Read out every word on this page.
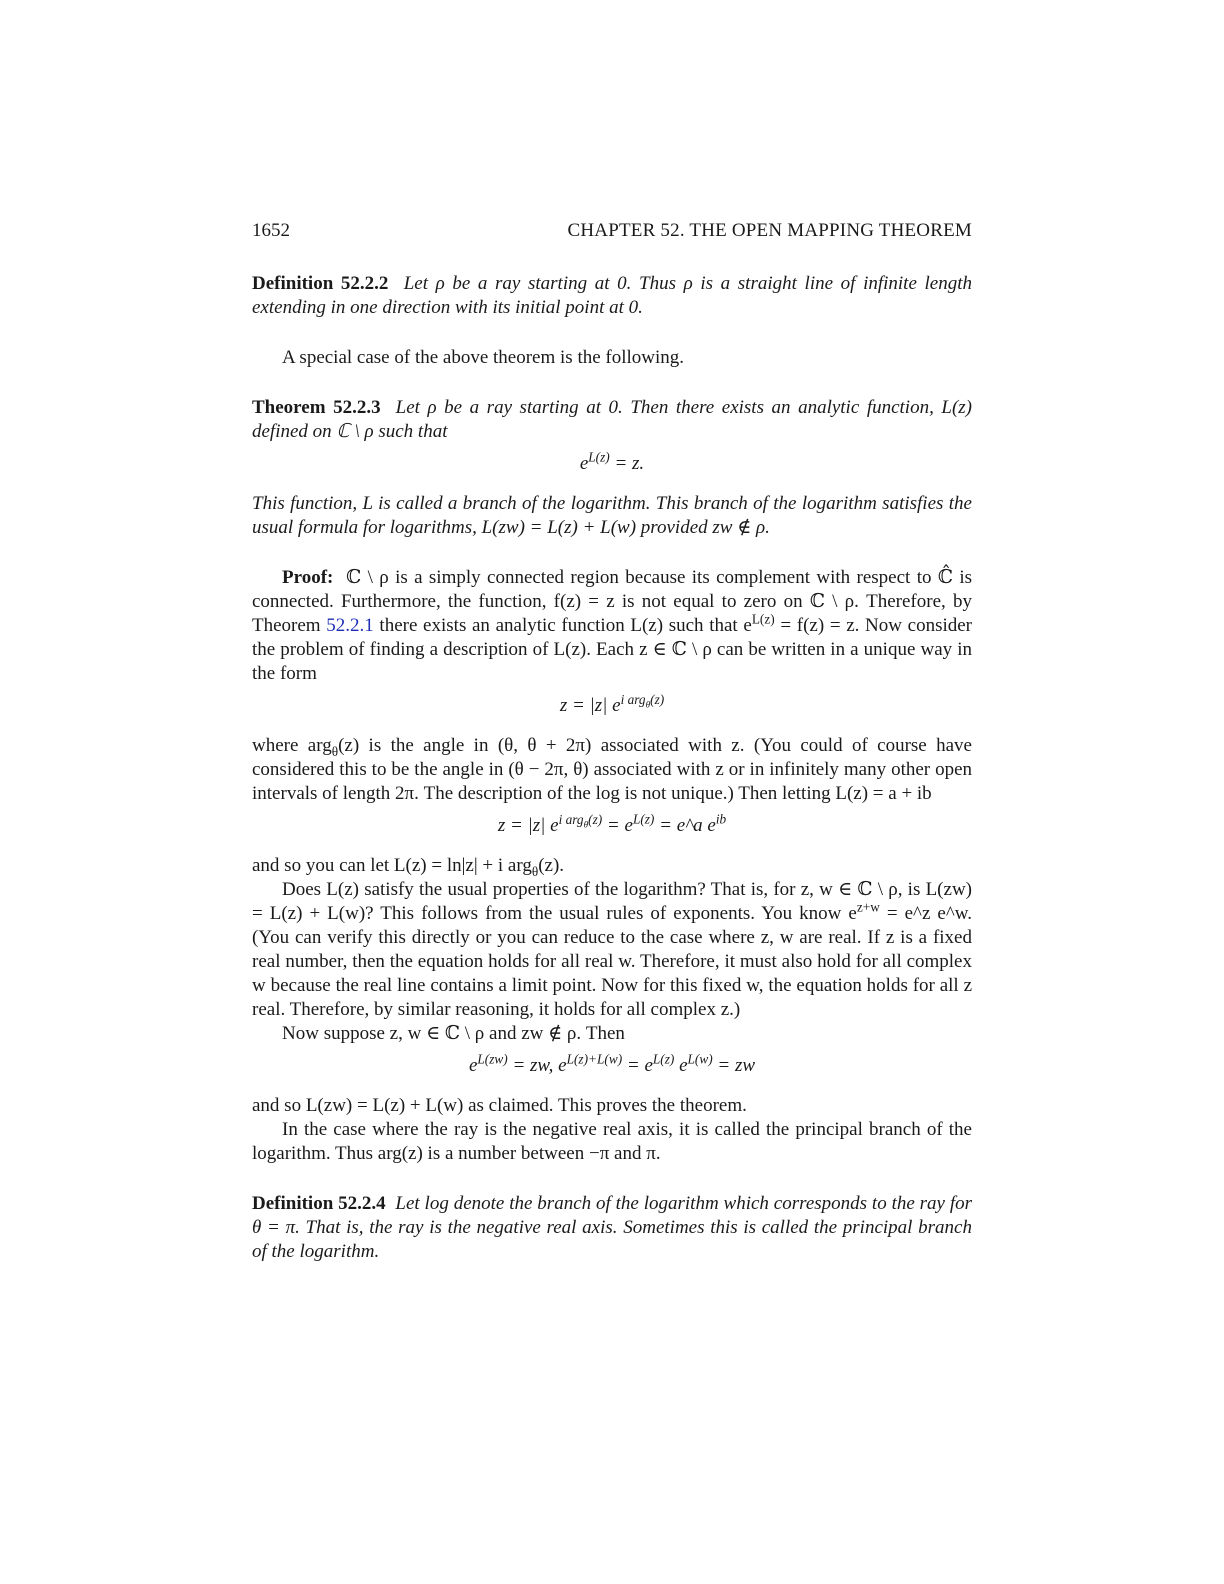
1652	CHAPTER 52. THE OPEN MAPPING THEOREM

Definition 52.2.2 Let ρ be a ray starting at 0. Thus ρ is a straight line of infinite length extending in one direction with its initial point at 0.

A special case of the above theorem is the following.

Theorem 52.2.3 Let ρ be a ray starting at 0. Then there exists an analytic function, L(z) defined on ℂ \ ρ such that

$e^{L(z)} = z$.

This function, L is called a branch of the logarithm. This branch of the logarithm satisfies the usual formula for logarithms, L(zw) = L(z) + L(w) provided zw ∉ ρ.

Proof: ℂ \ ρ is a simply connected region because its complement with respect to ℂ̂ is connected. Furthermore, the function, f(z) = z is not equal to zero on ℂ \ ρ. Therefore, by Theorem 52.2.1 there exists an analytic function L(z) such that $e^{L(z)} = f(z) = z$. Now consider the problem of finding a description of L(z). Each z ∈ ℂ \ ρ can be written in a unique way in the form

z = |z| $e^{i arg_\theta(z)}$

where arg$_\theta$(z) is the angle in (θ, θ + 2π) associated with z. (You could of course have considered this to be the angle in (θ − 2π, θ) associated with z or in infinitely many other open intervals of length 2π. The description of the log is not unique.) Then letting L(z) = a + ib

z = |z| $e^{i arg_\theta(z)} = e^{L(z)}$ = e^a $e^{ib}$

and so you can let L(z) = ln|z| + i arg$_\theta$(z).

Does L(z) satisfy the usual properties of the logarithm? That is, for z, w ∈ ℂ \ ρ, is L(zw) = L(z) + L(w)? This follows from the usual rules of exponents. You know $e^{z+w}$ = e^z e^w. (You can verify this directly or you can reduce to the case where z, w are real. If z is a fixed real number, then the equation holds for all real w. Therefore, it must also hold for all complex w because the real line contains a limit point. Now for this fixed w, the equation holds for all z real. Therefore, by similar reasoning, it holds for all complex z.)

Now suppose z, w ∈ ℂ \ ρ and zw ∉ ρ. Then

$e^{L(zw)}$ = zw, $e^{L(z)+L(w)} = e^{L(z)}$ $e^{L(w)}$ = zw

and so L(zw) = L(z) + L(w) as claimed. This proves the theorem.

In the case where the ray is the negative real axis, it is called the principal branch of the logarithm. Thus arg(z) is a number between −π and π.

Definition 52.2.4 Let log denote the branch of the logarithm which corresponds to the ray for θ = π. That is, the ray is the negative real axis. Sometimes this is called the principal branch of the logarithm.
